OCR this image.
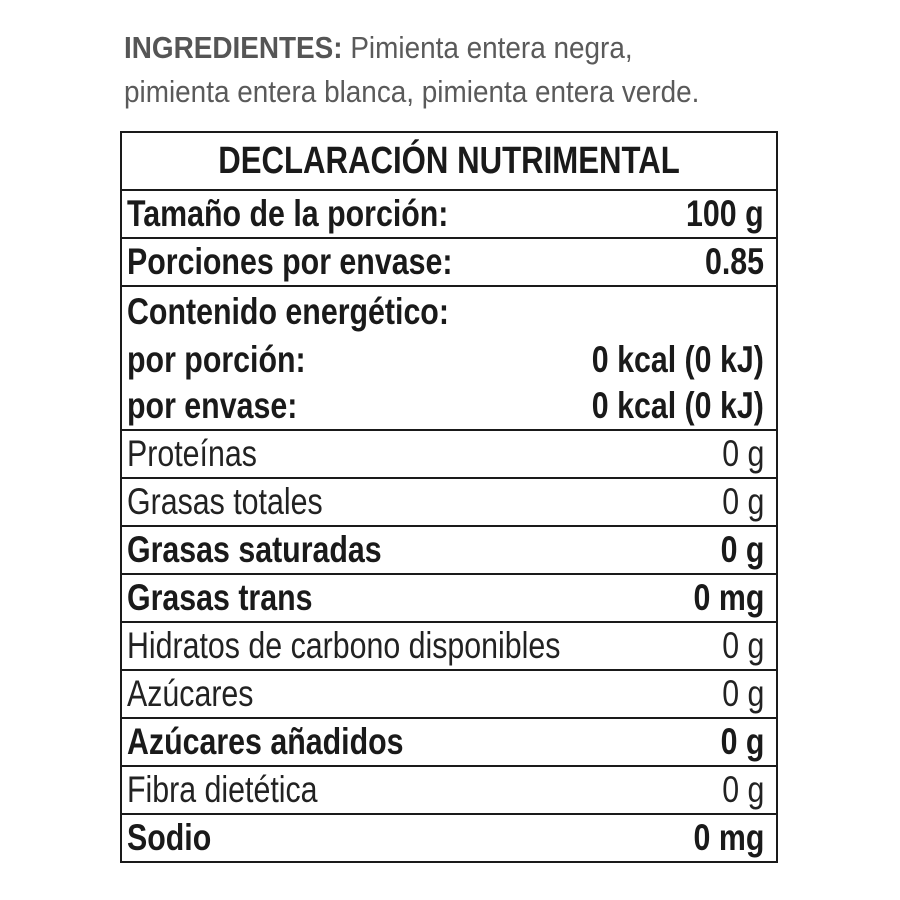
INGREDIENTES: Pimienta entera negra,
pimienta entera blanca, pimienta entera verde.
DECLARACIÓN NUTRIMENTAL
Tamaño de la porción:	100 g
Porciones por envase:	0.85
Contenido energético:
por porción:	0 kcal (0 kJ)
por envase:	0 kcal (0 kJ)
Proteínas	0 g
Grasas totales	0 g
Grasas saturadas	0 g
Grasas trans	0 mg
Hidratos de carbono disponibles	0 g
Azúcares	0 g
Azúcares añadidos	0 g
Fibra dietética	0 g
Sodio	0 mg
